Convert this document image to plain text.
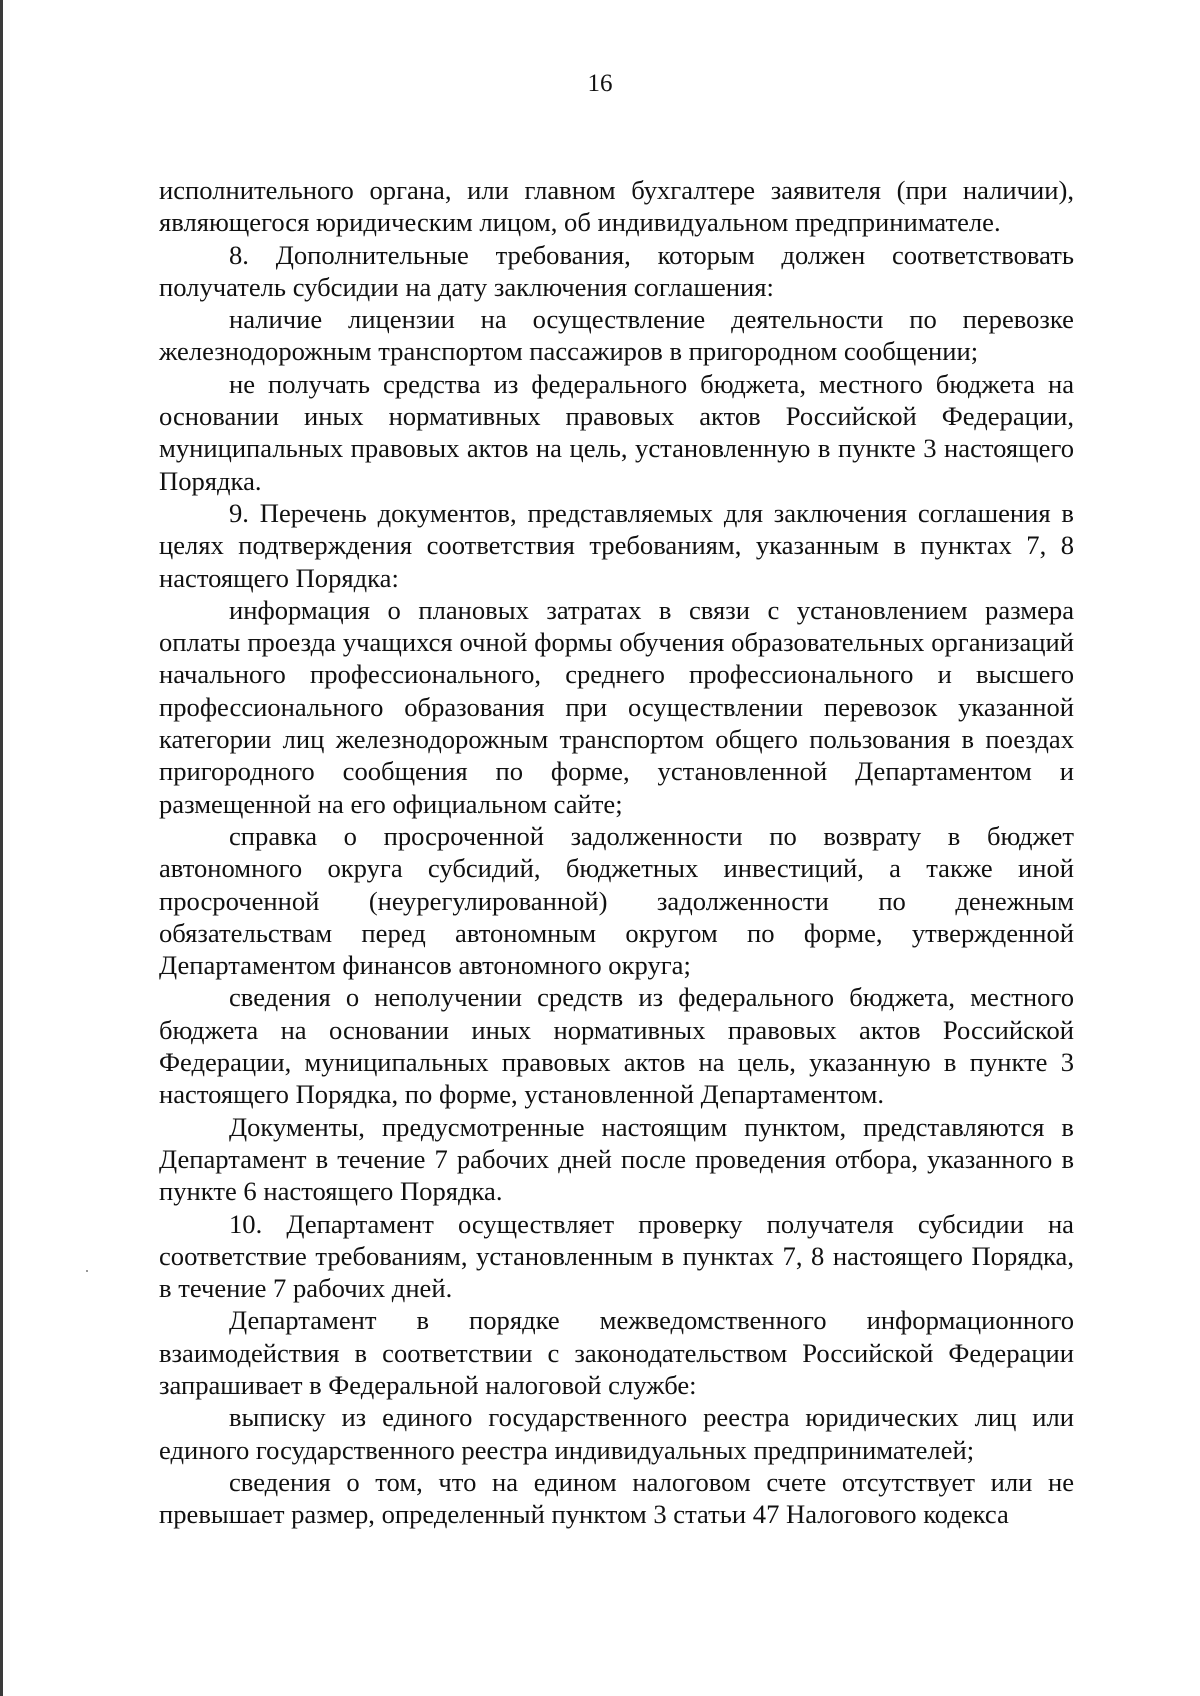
16

исполнительного органа, или главном бухгалтере заявителя (при наличии), являющегося юридическим лицом, об индивидуальном предпринимателе.

8. Дополнительные требования, которым должен соответствовать получатель субсидии на дату заключения соглашения:

наличие лицензии на осуществление деятельности по перевозке железнодорожным транспортом пассажиров в пригородном сообщении;

не получать средства из федерального бюджета, местного бюджета на основании иных нормативных правовых актов Российской Федерации, муниципальных правовых актов на цель, установленную в пункте 3 настоящего Порядка.

9. Перечень документов, представляемых для заключения соглашения в целях подтверждения соответствия требованиям, указанным в пунктах 7, 8 настоящего Порядка:

информация о плановых затратах в связи с установлением размера оплаты проезда учащихся очной формы обучения образовательных организаций начального профессионального, среднего профессионального и высшего профессионального образования при осуществлении перевозок указанной категории лиц железнодорожным транспортом общего пользования в поездах пригородного сообщения по форме, установленной Департаментом и размещенной на его официальном сайте;

справка о просроченной задолженности по возврату в бюджет автономного округа субсидий, бюджетных инвестиций, а также иной просроченной (неурегулированной) задолженности по денежным обязательствам перед автономным округом по форме, утвержденной Департаментом финансов автономного округа;

сведения о неполучении средств из федерального бюджета, местного бюджета на основании иных нормативных правовых актов Российской Федерации, муниципальных правовых актов на цель, указанную в пункте 3 настоящего Порядка, по форме, установленной Департаментом.

Документы, предусмотренные настоящим пунктом, представляются в Департамент в течение 7 рабочих дней после проведения отбора, указанного в пункте 6 настоящего Порядка.

10. Департамент осуществляет проверку получателя субсидии на соответствие требованиям, установленным в пунктах 7, 8 настоящего Порядка, в течение 7 рабочих дней.

Департамент в порядке межведомственного информационного взаимодействия в соответствии с законодательством Российской Федерации запрашивает в Федеральной налоговой службе:

выписку из единого государственного реестра юридических лиц или единого государственного реестра индивидуальных предпринимателей;

сведения о том, что на едином налоговом счете отсутствует или не превышает размер, определенный пунктом 3 статьи 47 Налогового кодекса
